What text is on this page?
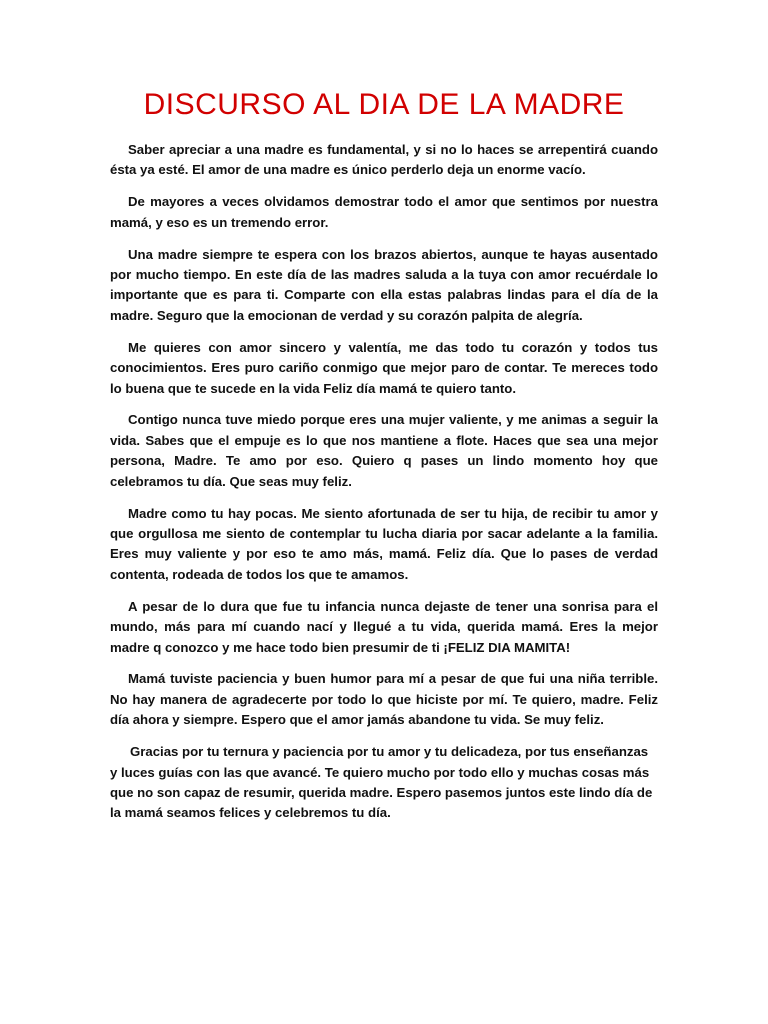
DISCURSO AL DIA DE LA MADRE

Saber apreciar a una madre es fundamental, y si no lo haces se arrepentirá cuando ésta ya esté. El amor de una madre es único perderlo deja un enorme vacío.

De mayores a veces olvidamos demostrar todo el amor que sentimos por nuestra mamá, y eso es un tremendo error.

Una madre siempre te espera con los brazos abiertos, aunque te hayas ausentado por mucho tiempo. En este día de las madres saluda a la tuya con amor recuérdale lo importante que es para ti. Comparte con ella estas palabras lindas para el día de la madre. Seguro que la emocionan de verdad y su corazón palpita de alegría.

Me quieres con amor sincero y valentía, me das todo tu corazón y todos tus conocimientos. Eres puro cariño conmigo que mejor paro de contar. Te mereces todo lo buena que te sucede en la vida Feliz día mamá te quiero tanto.

Contigo nunca tuve miedo porque eres una mujer valiente, y me animas a seguir la vida. Sabes que el empuje es lo que nos mantiene a flote. Haces que sea una mejor persona, Madre. Te amo por eso. Quiero q pases un lindo momento hoy que celebramos tu día. Que seas muy feliz.

Madre como tu hay pocas. Me siento afortunada de ser tu hija, de recibir tu amor y que orgullosa me siento de contemplar tu lucha diaria por sacar adelante a la familia. Eres muy valiente y por eso te amo más, mamá. Feliz día. Que lo pases de verdad contenta, rodeada de todos los que te amamos.

A pesar de lo dura que fue tu infancia nunca dejaste de tener una sonrisa para el mundo, más para mí cuando nací y llegué a tu vida, querida mamá. Eres la mejor madre q conozco y me hace todo bien presumir de ti ¡FELIZ DIA MAMITA!

Mamá tuviste paciencia y buen humor para mí a pesar de que fui una niña terrible. No hay manera de agradecerte por todo lo que hiciste por mí. Te quiero, madre. Feliz día ahora y siempre. Espero que el amor jamás abandone tu vida. Se muy feliz.

Gracias por tu ternura y paciencia por tu amor y tu delicadeza, por tus enseñanzas y luces guías con las que avancé. Te quiero mucho por todo ello y muchas cosas más que no son capaz de resumir, querida madre. Espero pasemos juntos este lindo día de la mamá seamos felices y celebremos tu día.
